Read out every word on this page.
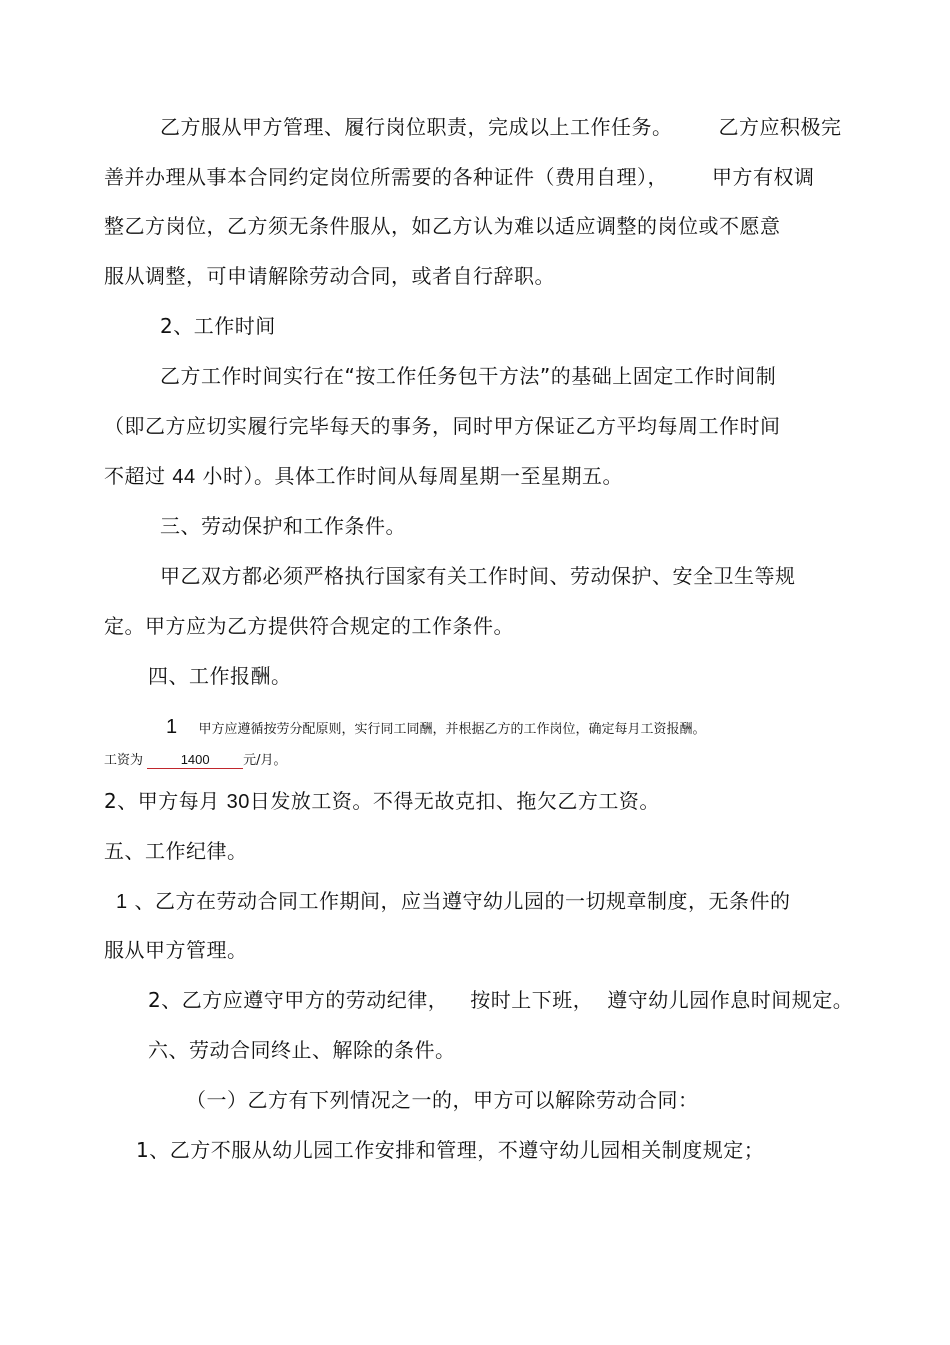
乙方服从甲方管理、履行岗位职责，完成以上工作任务。 乙方应积极完
善并办理从事本合同约定岗位所需要的各种证件（费用自理）， 甲方有权调
整乙方岗位，乙方须无条件服从，如乙方认为难以适应调整的岗位或不愿意
服从调整，可申请解除劳动合同，或者自行辞职。
2、工作时间
乙方工作时间实行在“按工作任务包干方法”的基础上固定工作时间制
（即乙方应切实履行完毕每天的事务，同时甲方保证乙方平均每周工作时间
不超过 44 小时）。具体工作时间从每周星期一至星期五。
三、劳动保护和工作条件。
甲乙双方都必须严格执行国家有关工作时间、劳动保护、安全卫生等规
定。甲方应为乙方提供符合规定的工作条件。
四、工作报酬。
1 甲方应遵循按劳分配原则，实行同工同酬，并根据乙方的工作岗位，确定每月工资报酬。
工资为	1400	元/月。
2、甲方每月 30日发放工资。不得无故克扣、拖欠乙方工资。
五、工作纪律。
1 、乙方在劳动合同工作期间，应当遵守幼儿园的一切规章制度，无条件的
服从甲方管理。
2、乙方应遵守甲方的劳动纪律， 按时上下班， 遵守幼儿园作息时间规定。
六、劳动合同终止、解除的条件。
（一）乙方有下列情况之一的，甲方可以解除劳动合同：
1、乙方不服从幼儿园工作安排和管理，不遵守幼儿园相关制度规定；
